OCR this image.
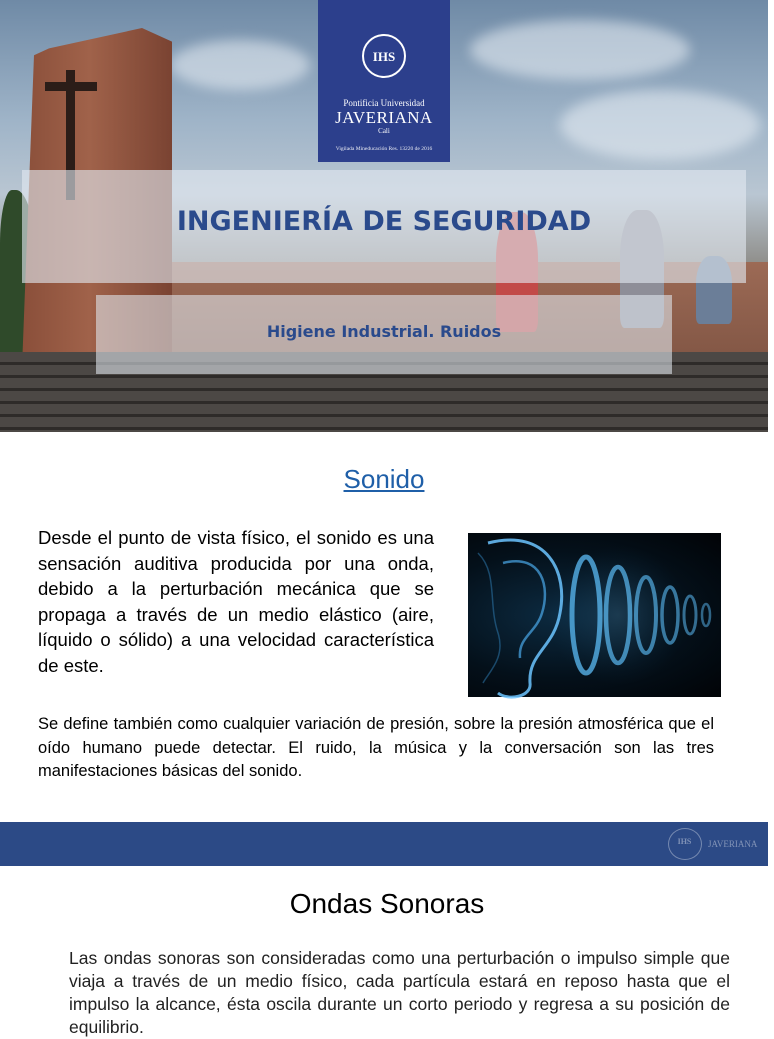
IHS
Pontificia Universidad
JAVERIANA
Cali
Vigilada Mineducación Res. 13220 de 2016
INGENIERÍA DE SEGURIDAD
Higiene Industrial. Ruidos
Sonido
Desde el punto de vista físico, el sonido es una sensación auditiva producida por una onda, debido a la perturbación mecánica que se propaga a través de un medio elástico (aire, líquido o sólido) a una velocidad característica de este.
Se define también como cualquier variación de presión, sobre la presión atmosférica que el oído humano puede detectar. El ruido, la música y la conversación son las tres manifestaciones básicas del sonido.
IHS	JAVERIANA
Ondas Sonoras
Las ondas sonoras son consideradas como una perturbación o impulso simple que viaja a través de un medio físico, cada partícula estará en reposo hasta que el impulso la alcance, ésta oscila durante un corto periodo y regresa a su posición de equilibrio.
